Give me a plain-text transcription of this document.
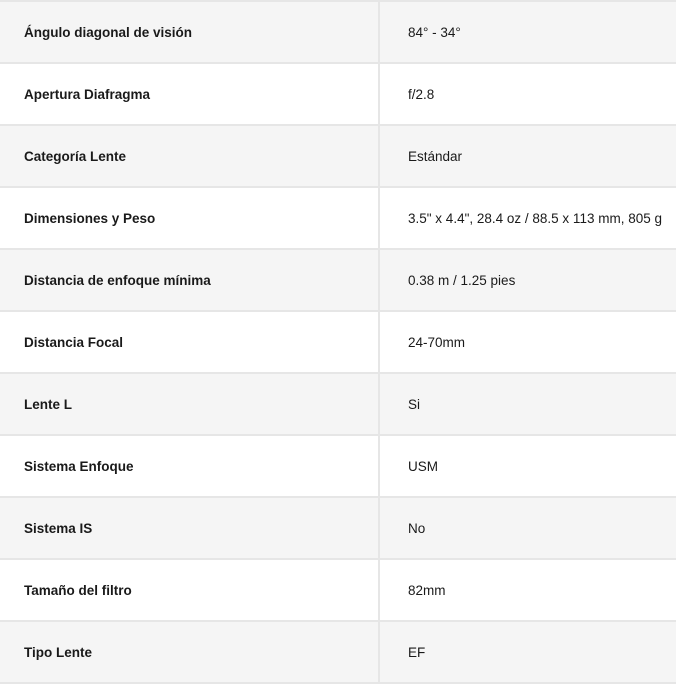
Ángulo diagonal de visión	84° - 34°
Apertura Diafragma	f/2.8
Categoría Lente	Estándar
Dimensiones y Peso	3.5" x 4.4", 28.4 oz / 88.5 x 113 mm, 805 g
Distancia de enfoque mínima	0.38 m / 1.25 pies
Distancia Focal	24-70mm
Lente L	Si
Sistema Enfoque	USM
Sistema IS	No
Tamaño del filtro	82mm
Tipo Lente	EF
